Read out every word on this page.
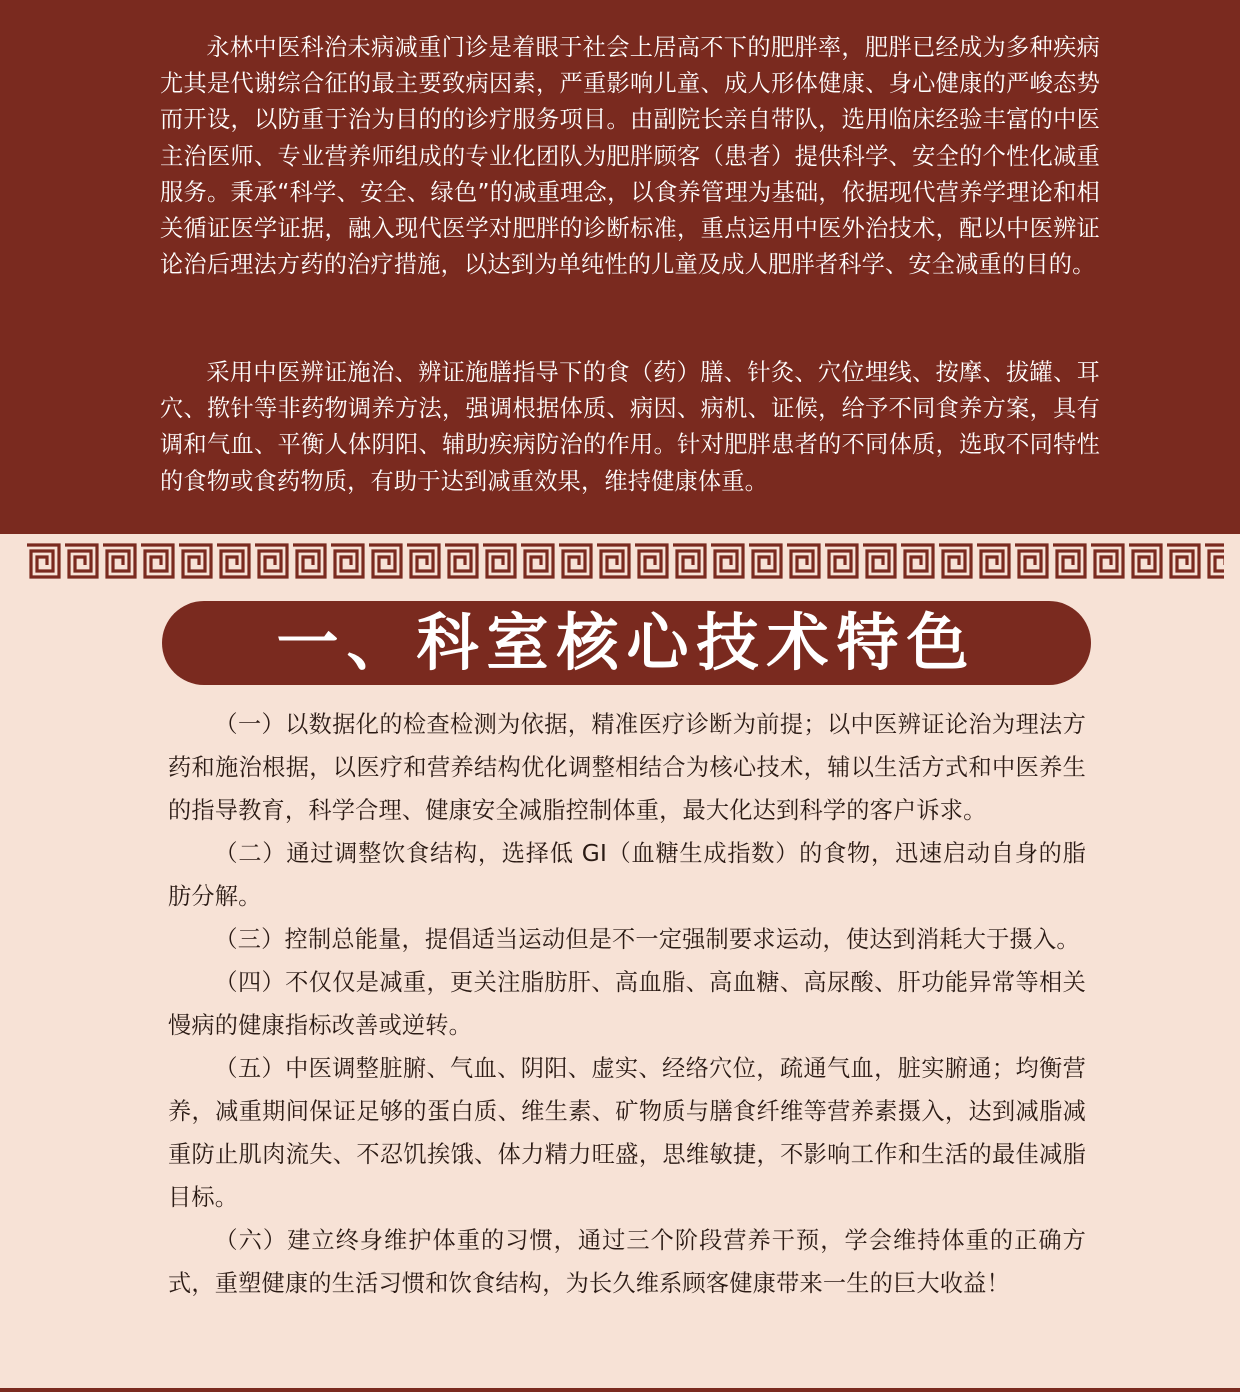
永林中医科治未病减重门诊是着眼于社会上居高不下的肥胖率，肥胖已经成为多种疾病尤其是代谢综合征的最主要致病因素，严重影响儿童、成人形体健康、身心健康的严峻态势而开设，以防重于治为目的的诊疗服务项目。由副院长亲自带队，选用临床经验丰富的中医主治医师、专业营养师组成的专业化团队为肥胖顾客（患者）提供科学、安全的个性化减重服务。秉承“科学、安全、绿色”的减重理念，以食养管理为基础，依据现代营养学理论和相关循证医学证据，融入现代医学对肥胖的诊断标准，重点运用中医外治技术，配以中医辨证论治后理法方药的治疗措施，以达到为单纯性的儿童及成人肥胖者科学、安全减重的目的。

采用中医辨证施治、辨证施膳指导下的食（药）膳、针灸、穴位埋线、按摩、拔罐、耳穴、揿针等非药物调养方法，强调根据体质、病因、病机、证候，给予不同食养方案，具有调和气血、平衡人体阴阳、辅助疾病防治的作用。针对肥胖患者的不同体质，选取不同特性的食物或食药物质，有助于达到减重效果，维持健康体重。

一、科室核心技术特色

（一）以数据化的检查检测为依据，精准医疗诊断为前提；以中医辨证论治为理法方药和施治根据，以医疗和营养结构优化调整相结合为核心技术，辅以生活方式和中医养生的指导教育，科学合理、健康安全减脂控制体重，最大化达到科学的客户诉求。

（二）通过调整饮食结构，选择低 GI（血糖生成指数）的食物，迅速启动自身的脂肪分解。

（三）控制总能量，提倡适当运动但是不一定强制要求运动，使达到消耗大于摄入。

（四）不仅仅是减重，更关注脂肪肝、高血脂、高血糖、高尿酸、肝功能异常等相关慢病的健康指标改善或逆转。

（五）中医调整脏腑、气血、阴阳、虚实、经络穴位，疏通气血，脏实腑通；均衡营养，减重期间保证足够的蛋白质、维生素、矿物质与膳食纤维等营养素摄入，达到减脂减重防止肌肉流失、不忍饥挨饿、体力精力旺盛，思维敏捷，不影响工作和生活的最佳减脂目标。

（六）建立终身维护体重的习惯，通过三个阶段营养干预，学会维持体重的正确方式，重塑健康的生活习惯和饮食结构，为长久维系顾客健康带来一生的巨大收益！
